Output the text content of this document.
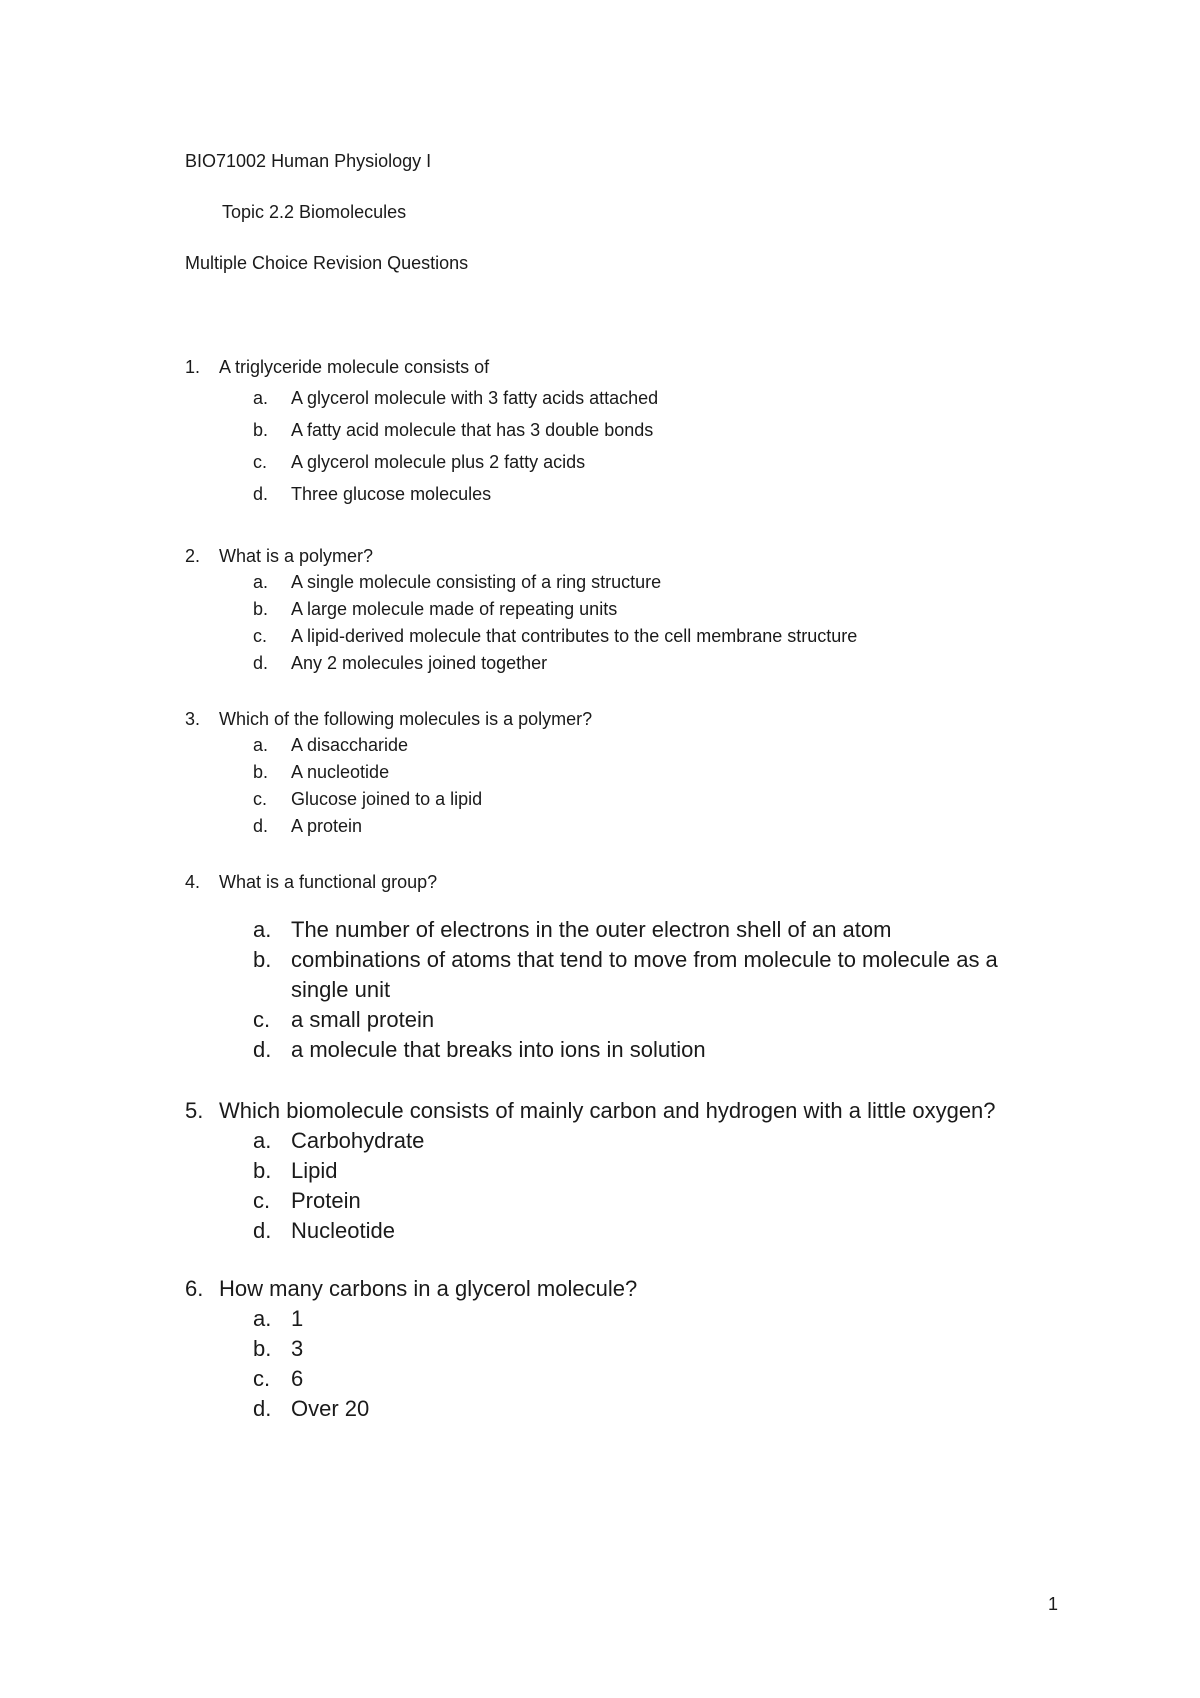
BIO71002 Human Physiology I
Topic 2.2 Biomolecules
Multiple Choice Revision Questions
1.	A triglyceride molecule consists of
a.	A glycerol molecule with 3 fatty acids attached
b.	A fatty acid molecule that has 3 double bonds
c.	A glycerol molecule plus 2 fatty acids
d.	Three glucose molecules
2.	What is a polymer?
a.	A single molecule consisting of a ring structure
b.	A large molecule made of repeating units
c.	A lipid-derived molecule that contributes to the cell membrane structure
d.	Any 2 molecules joined together
3.	Which of the following molecules is a polymer?
a.	A disaccharide
b.	A nucleotide
c.	Glucose joined to a lipid
d.	A protein
4.	What is a functional group?
a. The number of electrons in the outer electron shell of an atom
b. combinations of atoms that tend to move from molecule to molecule as a single unit
c. a small protein
d. a molecule that breaks into ions in solution
5. Which biomolecule consists of mainly carbon and hydrogen with a little oxygen?
a. Carbohydrate
b. Lipid
c. Protein
d. Nucleotide
6. How many carbons in a glycerol molecule?
a. 1
b. 3
c. 6
d. Over 20
1
